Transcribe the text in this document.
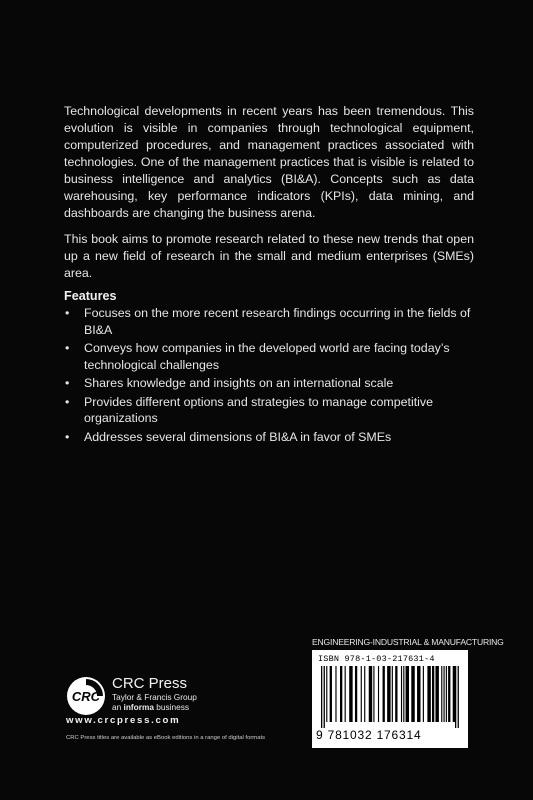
Technological developments in recent years has been tremendous. This evolution is visible in companies through technological equipment, computerized procedures, and management practices associated with technologies. One of the management practices that is visible is related to business intelligence and analytics (BI&A). Concepts such as data warehousing, key performance indicators (KPIs), data mining, and dashboards are changing the business arena.

This book aims to promote research related to these new trends that open up a new field of research in the small and medium enterprises (SMEs) area.

Features
• Focuses on the more recent research findings occurring in the fields of BI&A
• Conveys how companies in the developed world are facing today’s technological challenges
• Shares knowledge and insights on an international scale
• Provides different options and strategies to manage competitive organizations
• Addresses several dimensions of BI&A in favor of SMEs
ENGINEERING-INDUSTRIAL & MANUFACTURING
ISBN 978-1-03-217631-4
9 781032 176314
CRC
CRC Press
Taylor & Francis Group
an informa business
www.crcpress.com
CRC Press titles are available as eBook editions in a range of digital formats
